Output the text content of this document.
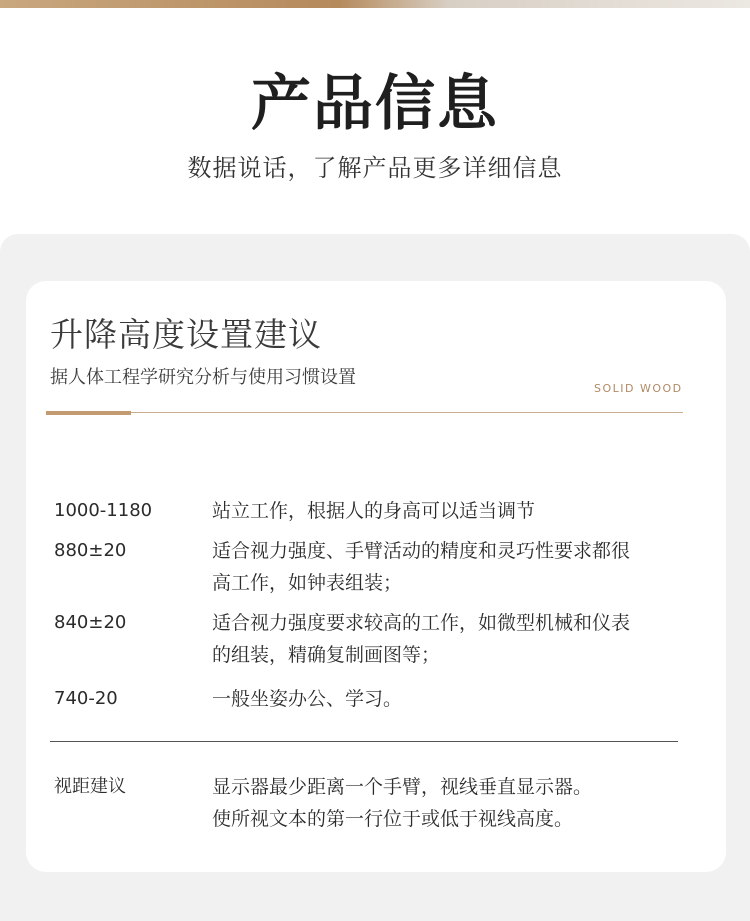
产品信息
数据说话，了解产品更多详细信息
升降高度设置建议
据人体工程学研究分析与使用习惯设置
SOLID WOOD
1000-1180	站立工作，根据人的身高可以适当调节
880±20	适合视力强度、手臂活动的精度和灵巧性要求都很
高工作，如钟表组装；
840±20	适合视力强度要求较高的工作，如微型机械和仪表
的组装，精确复制画图等；
740-20	一般坐姿办公、学习。
视距建议	显示器最少距离一个手臂，视线垂直显示器。
使所视文本的第一行位于或低于视线高度。
